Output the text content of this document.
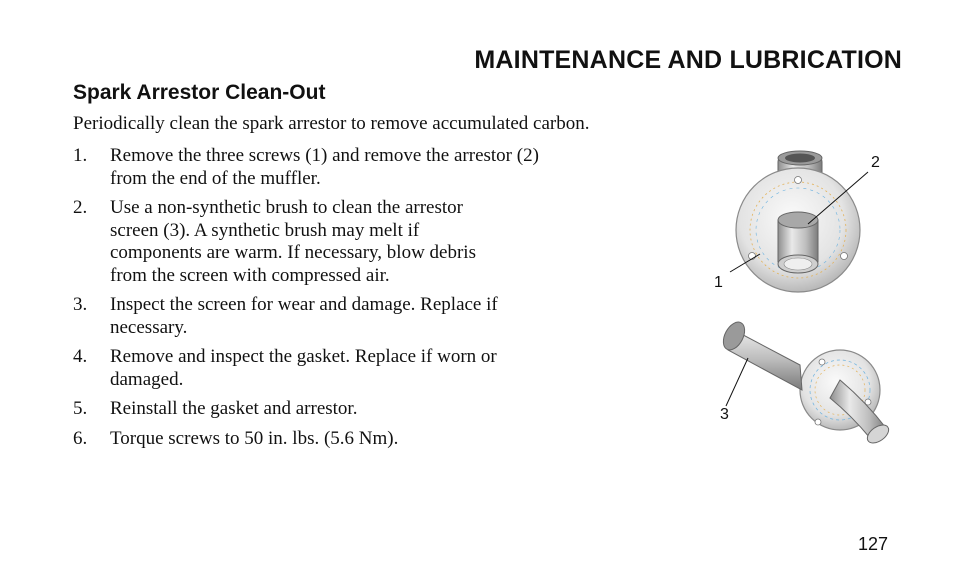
MAINTENANCE AND LUBRICATION
Spark Arrestor Clean-Out
Periodically clean the spark arrestor to remove accumulated carbon.
1. Remove the three screws (1) and remove the arrestor (2)
from the end of the muffler.
2. Use a non-synthetic brush to clean the arrestor
screen (3). A synthetic brush may melt if
components are warm. If necessary, blow debris
from the screen with compressed air.
3. Inspect the screen for wear and damage. Replace if
necessary.
4. Remove and inspect the gasket. Replace if worn or
damaged.
5. Reinstall the gasket and arrestor.
6. Torque screws to 50 in. lbs. (5.6 Nm).
2
1
3
127
